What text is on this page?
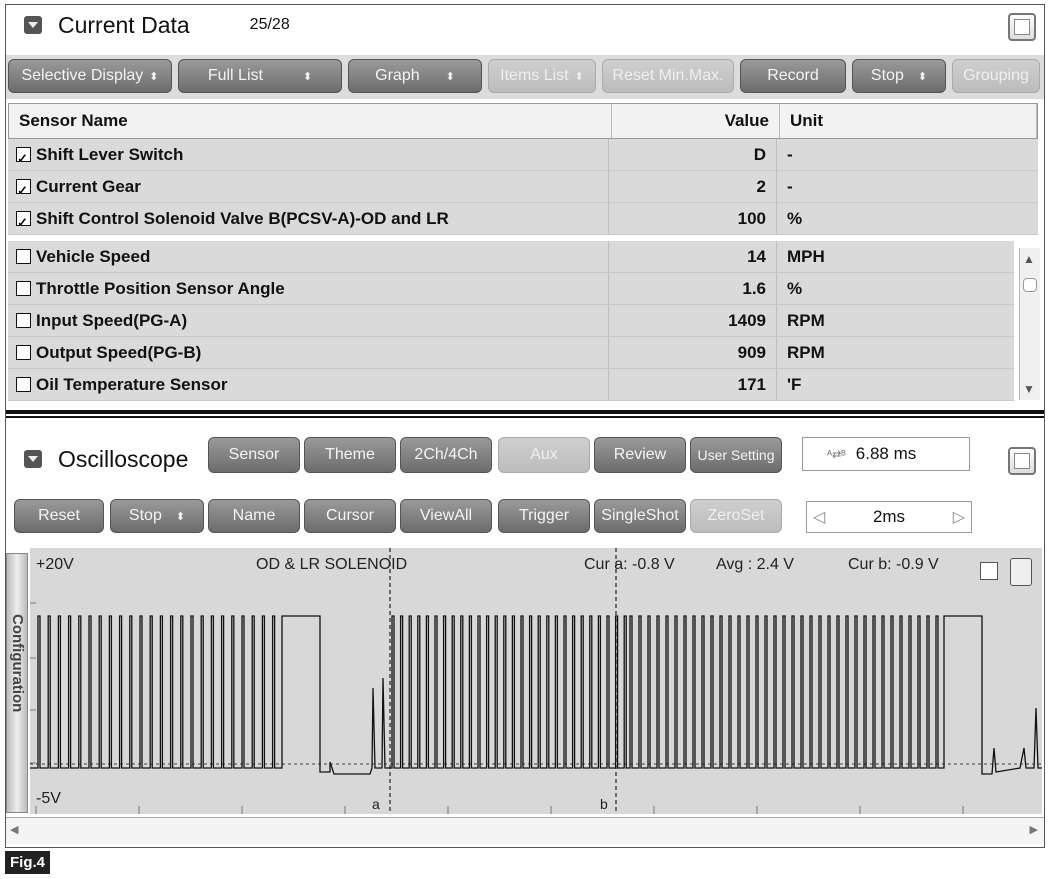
Current Data	25/28
Selective Display ⬍	Full List	⬍	Graph ⬍	Items List ⬍ Reset Min.Max.	Record	Stop ⬍ Grouping
Sensor Name	Value	Unit
✓
Shift Lever Switch	D	-
✓
Current Gear	2	-
✓
Shift Control Solenoid Valve B(PCSV-A)-OD and LR	100	%
Vehicle Speed	14	MPH
Throttle Position Sensor Angle	1.6	%
Input Speed(PG-A)	1409	RPM
Output Speed(PG-B)	909	RPM
Oil Temperature Sensor	171	'F
▲
▼
Oscilloscope	Sensor	Theme	2Ch/4Ch	Aux	Review	User Setting	ᴬ⇄ᴮ 6.88 ms
Reset	Stop ⬍	Name	Cursor	ViewAll	Trigger	SingleShot	ZeroSet	◁	2ms	▷
Configuration
+20V
-5V
OD & LR SOLENOID	Cur a: -0.8 V	Avg : 2.4 V	Cur b: -0.9 V
a	b
◀	▶
Fig.4
